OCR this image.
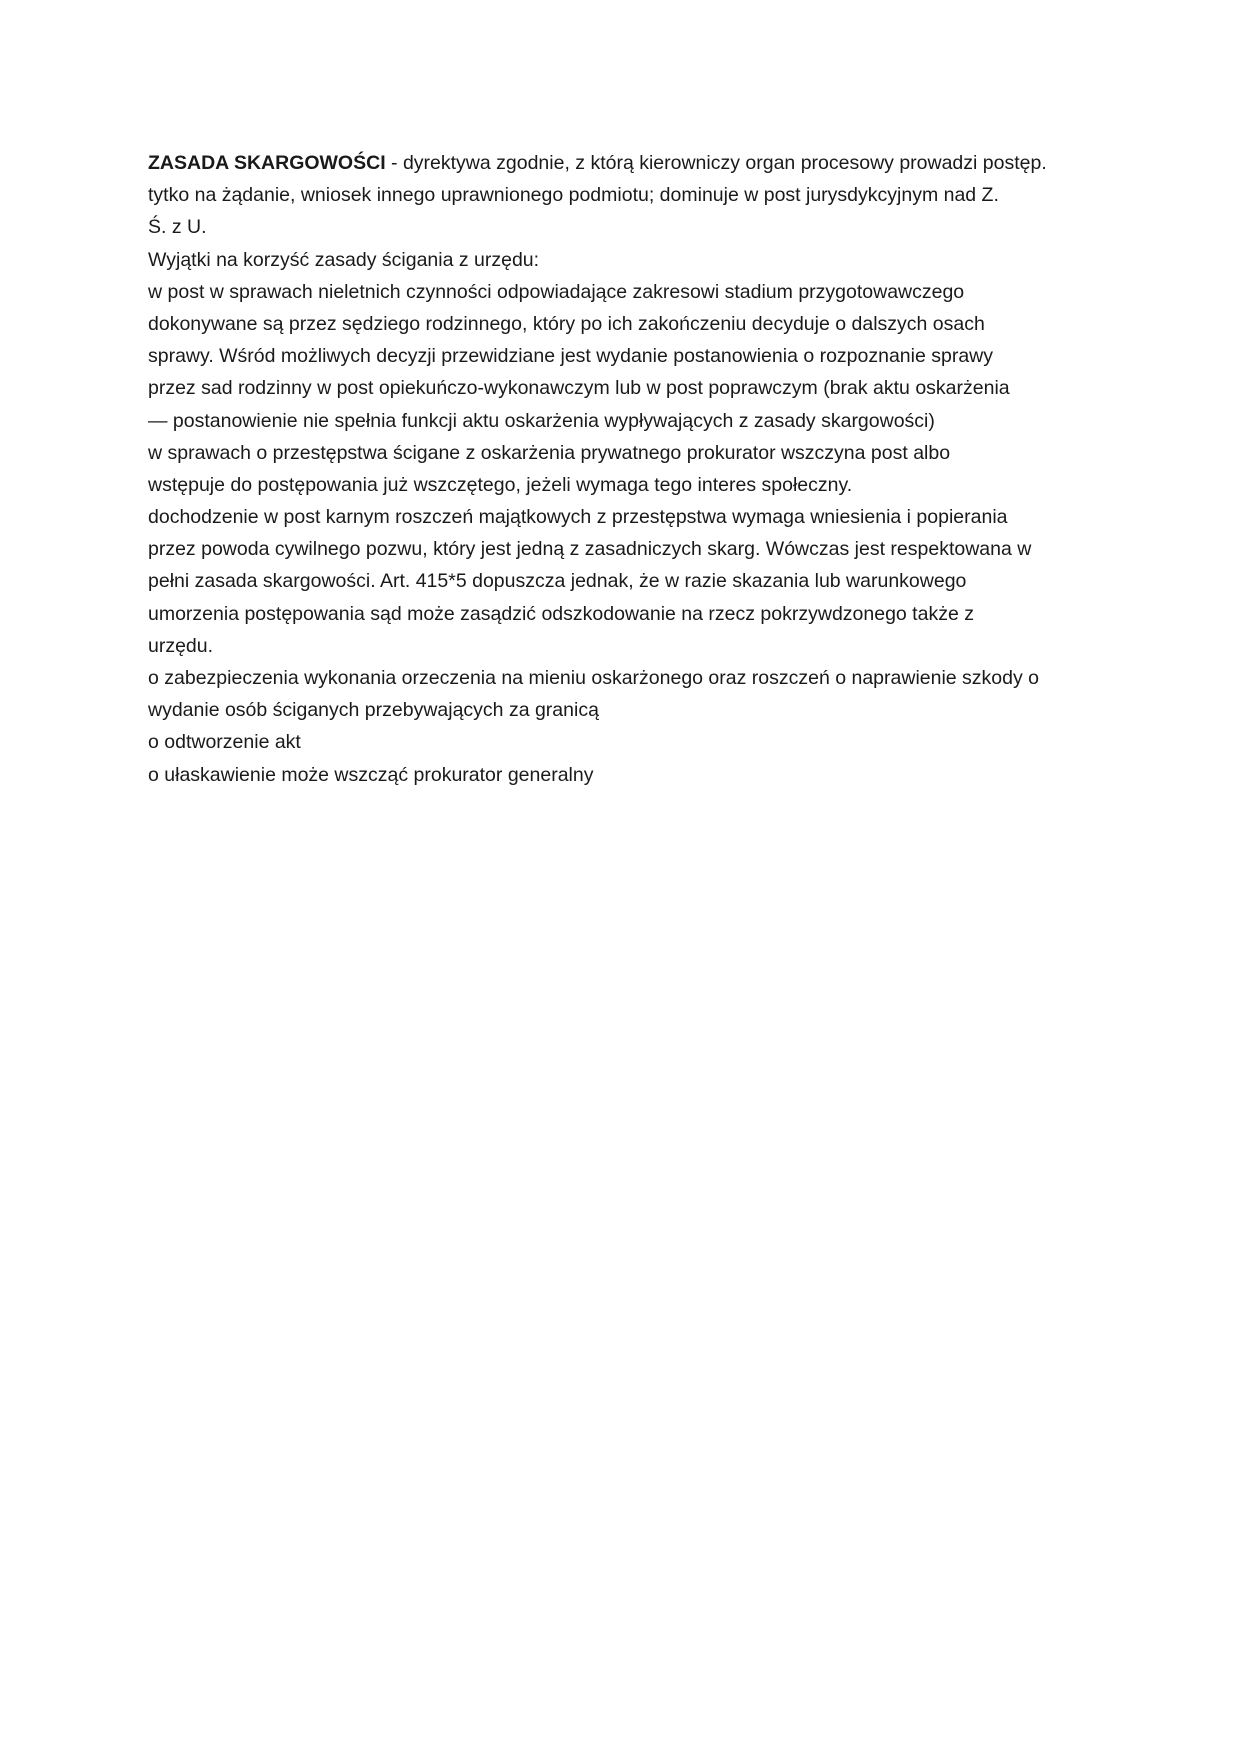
ZASADA SKARGOWOŚCI - dyrektywa zgodnie, z którą kierowniczy organ procesowy prowadzi postęp.
tytko na żądanie, wniosek innego uprawnionego podmiotu; dominuje w post jurysdykcyjnym nad Z.
Ś. z U.
Wyjątki na korzyść zasady ścigania z urzędu:
w post w sprawach nieletnich czynności odpowiadające zakresowi stadium przygotowawczego
dokonywane są przez sędziego rodzinnego, który po ich zakończeniu decyduje o dalszych osach
sprawy. Wśród możliwych decyzji przewidziane jest wydanie postanowienia o rozpoznanie sprawy
przez sad rodzinny w post opiekuńczo-wykonawczym lub w post poprawczym (brak aktu oskarżenia
— postanowienie nie spełnia funkcji aktu oskarżenia wypływających z zasady skargowości)
w sprawach o przestępstwa ścigane z oskarżenia prywatnego prokurator wszczyna post albo
wstępuje do postępowania już wszczętego, jeżeli wymaga tego interes społeczny.
dochodzenie w post karnym roszczeń majątkowych z przestępstwa wymaga wniesienia i popierania
przez powoda cywilnego pozwu, który jest jedną z zasadniczych skarg. Wówczas jest respektowana w
pełni zasada skargowości. Art. 415*5 dopuszcza jednak, że w razie skazania lub warunkowego
umorzenia postępowania sąd może zasądzić odszkodowanie na rzecz pokrzywdzonego także z
urzędu.
o zabezpieczenia wykonania orzeczenia na mieniu oskarżonego oraz roszczeń o naprawienie szkody o
wydanie osób ściganych przebywających za granicą
o odtworzenie akt
o ułaskawienie może wszcząć prokurator generalny
